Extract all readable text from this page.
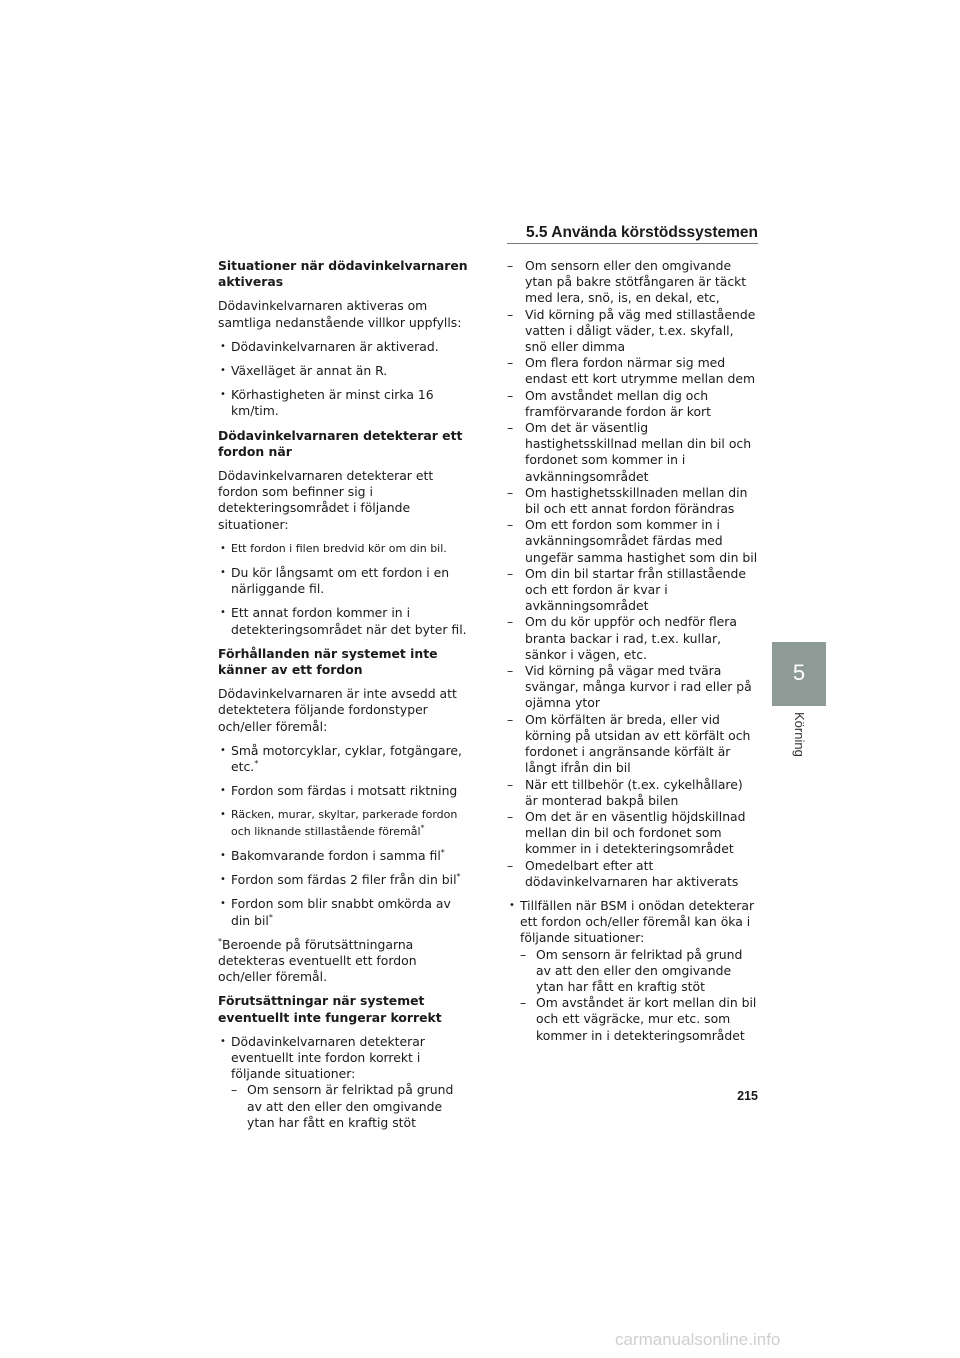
5.5 Använda körstödssystemen
5
Körning
Situationer när dödavinkelvarnaren aktiveras
Dödavinkelvarnaren aktiveras om samtliga nedanstående villkor uppfylls:
• Dödavinkelvarnaren är aktiverad.
• Växelläget är annat än R.
• Körhastigheten är minst cirka 16 km/tim.
Dödavinkelvarnaren detekterar ett fordon när
Dödavinkelvarnaren detekterar ett fordon som befinner sig i detekteringsområdet i följande situationer:
• Ett fordon i filen bredvid kör om din bil.
• Du kör långsamt om ett fordon i en närliggande fil.
• Ett annat fordon kommer in i detekteringsområdet när det byter fil.
Förhållanden när systemet inte känner av ett fordon
Dödavinkelvarnaren är inte avsedd att detektetera följande fordonstyper och/eller föremål:
• Små motorcyklar, cyklar, fotgängare, etc.*
• Fordon som färdas i motsatt riktning
• Räcken, murar, skyltar, parkerade fordon och liknande stillastående föremål*
• Bakomvarande fordon i samma fil*
• Fordon som färdas 2 filer från din bil*
• Fordon som blir snabbt omkörda av din bil*
*Beroende på förutsättningarna detekteras eventuellt ett fordon och/eller föremål.
Förutsättningar när systemet eventuellt inte fungerar korrekt
• Dödavinkelvarnaren detekterar eventuellt inte fordon korrekt i följande situationer:
– Om sensorn är felriktad på grund av att den eller den omgivande ytan har fått en kraftig stöt
– Om sensorn eller den omgivande ytan på bakre stötfångaren är täckt med lera, snö, is, en dekal, etc,
– Vid körning på väg med stillastående vatten i dåligt väder, t.ex. skyfall, snö eller dimma
– Om flera fordon närmar sig med endast ett kort utrymme mellan dem
– Om avståndet mellan dig och framförvarande fordon är kort
– Om det är väsentlig hastighetsskillnad mellan din bil och fordonet som kommer in i avkänningsområdet
– Om hastighetsskillnaden mellan din bil och ett annat fordon förändras
– Om ett fordon som kommer in i avkänningsområdet färdas med ungefär samma hastighet som din bil
– Om din bil startar från stillastående och ett fordon är kvar i avkänningsområdet
– Om du kör uppför och nedför flera branta backar i rad, t.ex. kullar, sänkor i vägen, etc.
– Vid körning på vägar med tvära svängar, många kurvor i rad eller på ojämna ytor
– Om körfälten är breda, eller vid körning på utsidan av ett körfält och fordonet i angränsande körfält är långt ifrån din bil
– När ett tillbehör (t.ex. cykelhållare) är monterad bakpå bilen
– Om det är en väsentlig höjdskillnad mellan din bil och fordonet som kommer in i detekteringsområdet
– Omedelbart efter att dödavinkelvarnaren har aktiverats
• Tillfällen när BSM i onödan detekterar ett fordon och/eller föremål kan öka i följande situationer:
– Om sensorn är felriktad på grund av att den eller den omgivande ytan har fått en kraftig stöt
– Om avståndet är kort mellan din bil och ett vägräcke, mur etc. som kommer in i detekteringsområdet
215
carmanualsonline.info
